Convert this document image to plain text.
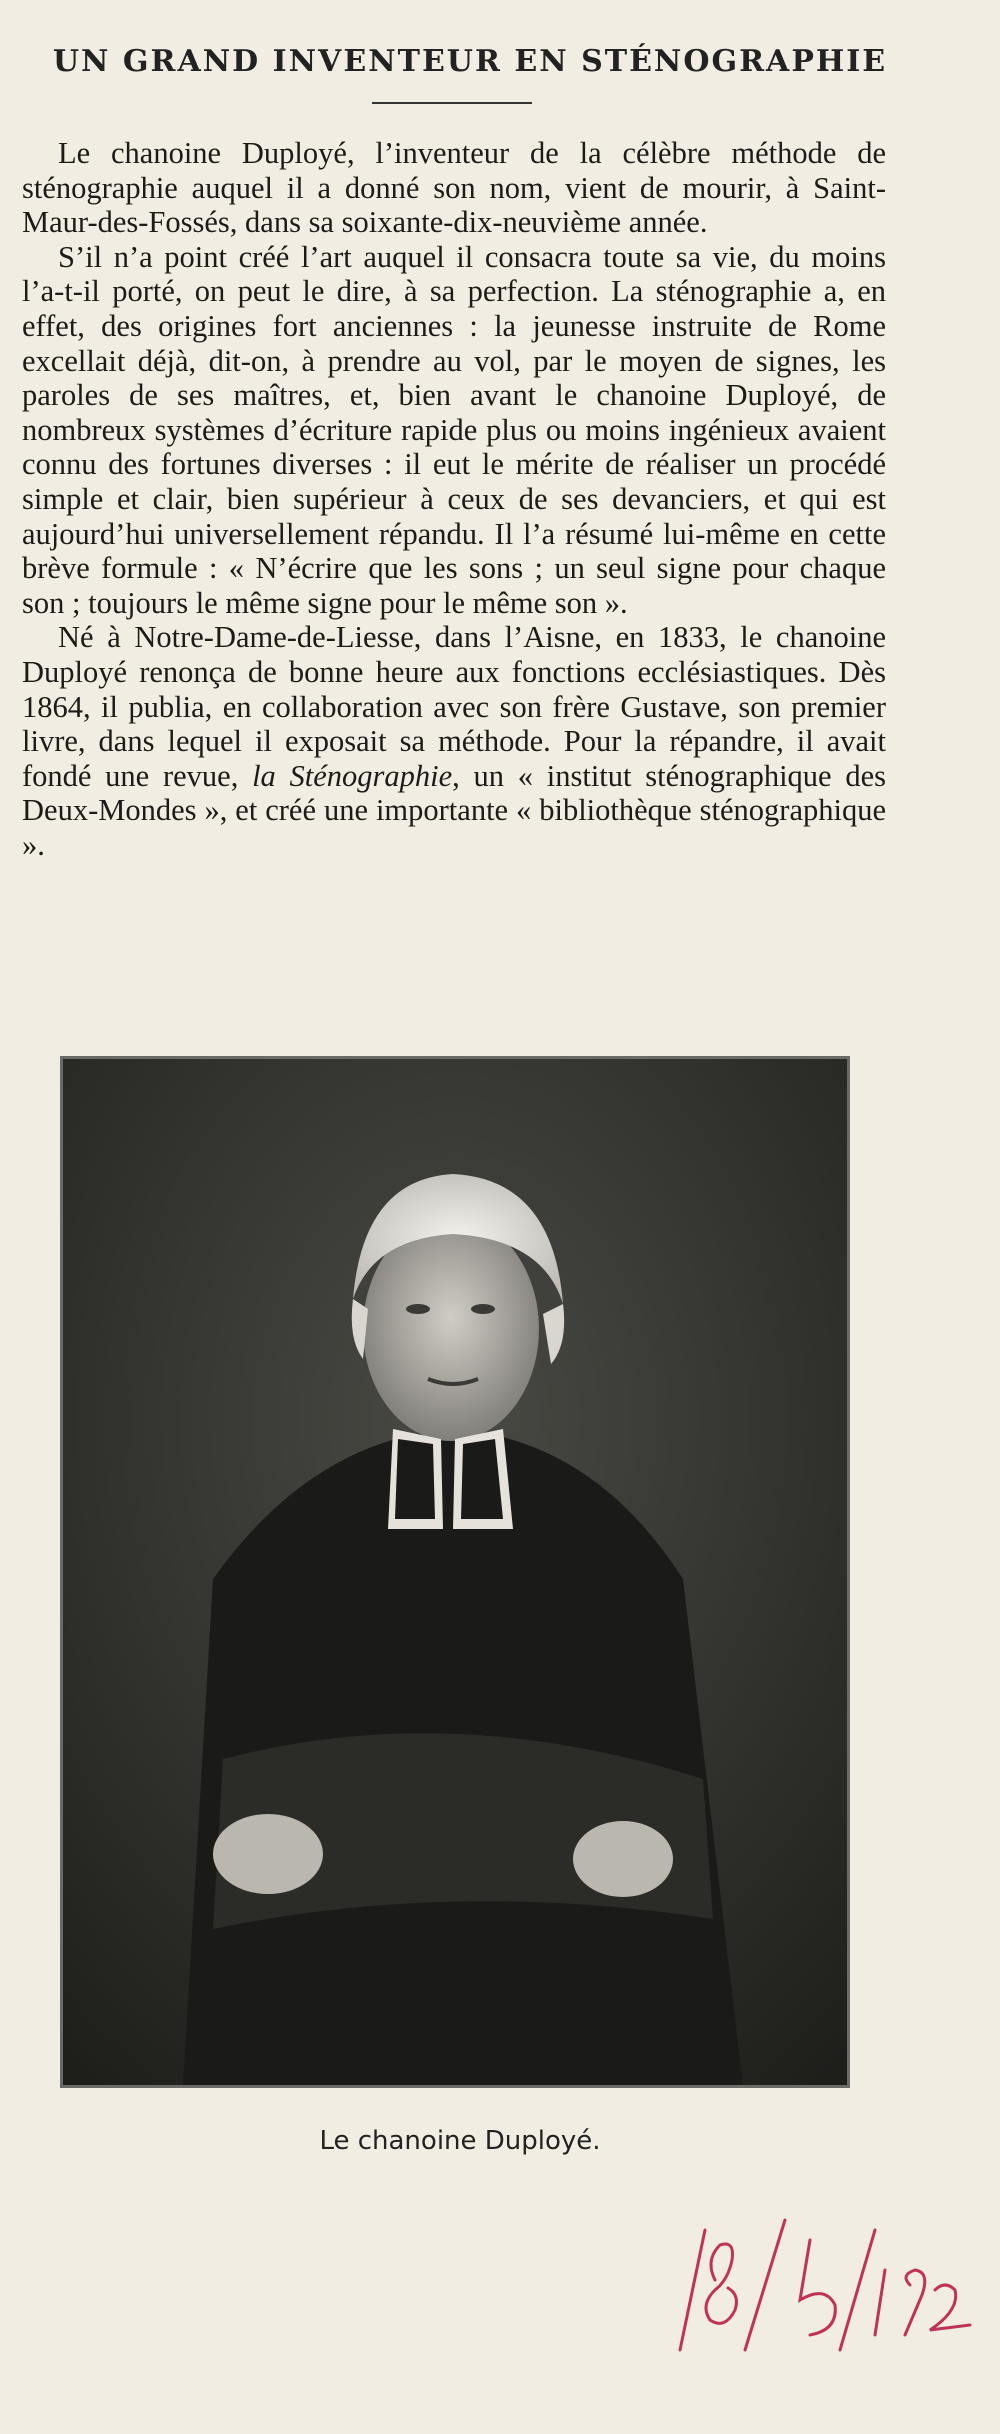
UN GRAND INVENTEUR EN STÉNOGRAPHIE

Le chanoine Duployé, l’inventeur de la célèbre méthode de sténographie auquel il a donné son nom, vient de mourir, à Saint-Maur-des-Fossés, dans sa soixante-dix-neuvième année.

S’il n’a point créé l’art auquel il consacra toute sa vie, du moins l’a-t-il porté, on peut le dire, à sa perfection. La sténographie a, en effet, des origines fort anciennes : la jeunesse instruite de Rome excellait déjà, dit-on, à prendre au vol, par le moyen de signes, les paroles de ses maîtres, et, bien avant le chanoine Duployé, de nombreux systèmes d’écriture rapide plus ou moins ingénieux avaient connu des fortunes diverses : il eut le mérite de réaliser un procédé simple et clair, bien supérieur à ceux de ses devanciers, et qui est aujourd’hui universellement répandu. Il l’a résumé lui-même en cette brève formule : « N’écrire que les sons ; un seul signe pour chaque son ; toujours le même signe pour le même son ».

Né à Notre-Dame-de-Liesse, dans l’Aisne, en 1833, le chanoine Duployé renonça de bonne heure aux fonctions ecclésiastiques. Dès 1864, il publia, en collaboration avec son frère Gustave, son premier livre, dans lequel il exposait sa méthode. Pour la répandre, il avait fondé une revue, la Sténographie, un « institut sténographique des Deux-Mondes », et créé une importante « bibliothèque sténographique ».

Le chanoine Duployé.
